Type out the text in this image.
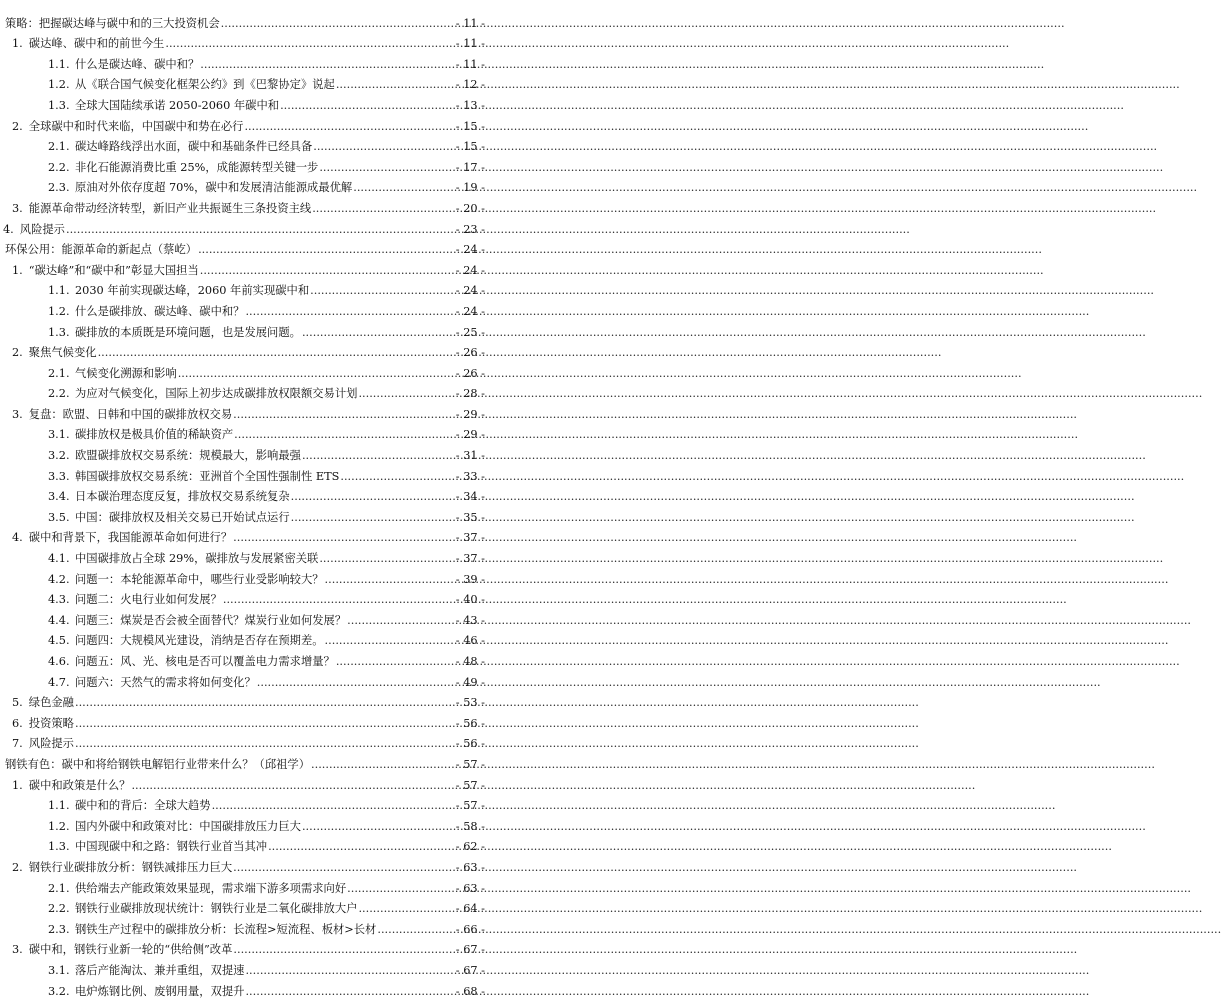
策略：把握碳达峰与碳中和的三大投资机会 .....	- 11 -
1. 碳达峰、碳中和的前世今生 .....	- 11 -
1.1. 什么是碳达峰、碳中和？ .....	- 11 -
1.2. 从《联合国气候变化框架公约》到《巴黎协定》说起 .....	- 12 -
1.3. 全球大国陆续承诺 2050-2060 年碳中和 .....	- 13 -
2. 全球碳中和时代来临，中国碳中和势在必行 .....	- 15 -
2.1. 碳达峰路线浮出水面，碳中和基础条件已经具备 .....	- 15 -
2.2. 非化石能源消费比重 25%，成能源转型关键一步 .....	- 17 -
2.3. 原油对外依存度超 70%，碳中和发展清洁能源成最优解 .....	- 19 -
3. 能源革命带动经济转型，新旧产业共振诞生三条投资主线 .....	- 20 -
4. 风险提示 .....	- 23 -
环保公用：能源革命的新起点（蔡屹） .....	- 24 -
1. “碳达峰”和“碳中和”彰显大国担当 .....	- 24 -
1.1. 2030 年前实现碳达峰，2060 年前实现碳中和 .....	- 24 -
1.2. 什么是碳排放、碳达峰、碳中和？ .....	- 24 -
1.3. 碳排放的本质既是环境问题，也是发展问题。 .....	- 25 -
2. 聚焦气候变化 .....	- 26 -
2.1. 气候变化溯源和影响 .....	- 26 -
2.2. 为应对气候变化，国际上初步达成碳排放权限额交易计划 .....	- 28 -
3. 复盘：欧盟、日韩和中国的碳排放权交易 .....	- 29 -
3.1. 碳排放权是极具价值的稀缺资产 .....	- 29 -
3.2. 欧盟碳排放权交易系统：规模最大，影响最强 .....	- 31 -
3.3. 韩国碳排放权交易系统：亚洲首个全国性强制性 ETS .....	- 33 -
3.4. 日本碳治理态度反复，排放权交易系统复杂 .....	- 34 -
3.5. 中国：碳排放权及相关交易已开始试点运行 .....	- 35 -
4. 碳中和背景下，我国能源革命如何进行？ .....	- 37 -
4.1. 中国碳排放占全球 29%，碳排放与发展紧密关联 .....	- 37 -
4.2. 问题一：本轮能源革命中，哪些行业受影响较大？ .....	- 39 -
4.3. 问题二：火电行业如何发展？ .....	- 40 -
4.4. 问题三：煤炭是否会被全面替代？煤炭行业如何发展？ .....	- 43 -
4.5. 问题四：大规模风光建设，消纳是否存在预期差。 .....	- 46 -
4.6. 问题五：风、光、核电是否可以覆盖电力需求增量？ .....	- 48 -
4.7. 问题六：天然气的需求将如何变化？ .....	- 49 -
5. 绿色金融 .....	- 53 -
6. 投资策略 .....	- 56 -
7. 风险提示 .....	- 56 -
钢铁有色：碳中和将给钢铁电解铝行业带来什么？（邱祖学） .....	- 57 -
1. 碳中和政策是什么？ .....	- 57 -
1.1. 碳中和的背后：全球大趋势 .....	- 57 -
1.2. 国内外碳中和政策对比：中国碳排放压力巨大 .....	- 58 -
1.3. 中国现碳中和之路：钢铁行业首当其冲 .....	- 62 -
2. 钢铁行业碳排放分析：钢铁减排压力巨大 .....	- 63 -
2.1. 供给端去产能政策效果显现，需求端下游多项需求向好 .....	- 63 -
2.2. 钢铁行业碳排放现状统计：钢铁行业是二氧化碳排放大户 .....	- 64 -
2.3. 钢铁生产过程中的碳排放分析：长流程>短流程、板材>长材 .....	- 66 -
3. 碳中和，钢铁行业新一轮的“供给侧”改革 .....	- 67 -
3.1. 落后产能淘汰、兼并重组，双提速 .....	- 67 -
3.2. 电炉炼钢比例、废钢用量，双提升 .....	- 68 -
